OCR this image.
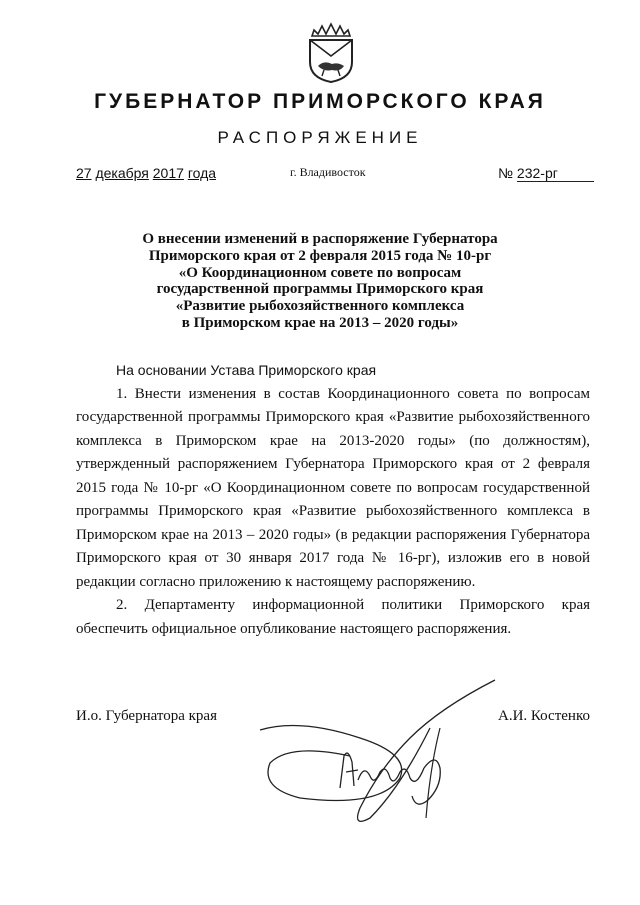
ГУБЕРНАТОР ПРИМОРСКОГО КРАЯ
РАСПОРЯЖЕНИЕ
27 декабря 2017 года	г. Владивосток	№ 232-рг
О внесении изменений в распоряжение Губернатора
Приморского края от 2 февраля 2015 года № 10-рг
«О Координационном совете по вопросам
государственной программы Приморского края
«Развитие рыбохозяйственного комплекса
в Приморском крае на 2013 – 2020 годы»
На основании Устава Приморского края
1. Внести изменения в состав Координационного совета по вопросам
государственной программы Приморского края «Развитие рыбохозяйственного
комплекса в Приморском крае на 2013-2020 годы» (по должностям),
утвержденный распоряжением Губернатора Приморского края от 2 февраля
2015 года № 10-рг «О Координационном совете по вопросам государственной
программы Приморского края «Развитие рыбохозяйственного комплекса в
Приморском крае на 2013 – 2020 годы» (в редакции распоряжения Губернатора
Приморского края от 30 января 2017 года № 16-рг), изложив его в новой
редакции согласно приложению к настоящему распоряжению.
2. Департаменту информационной политики Приморского края
обеспечить официальное опубликование настоящего распоряжения.
И.о. Губернатора края	А.И. Костенко
